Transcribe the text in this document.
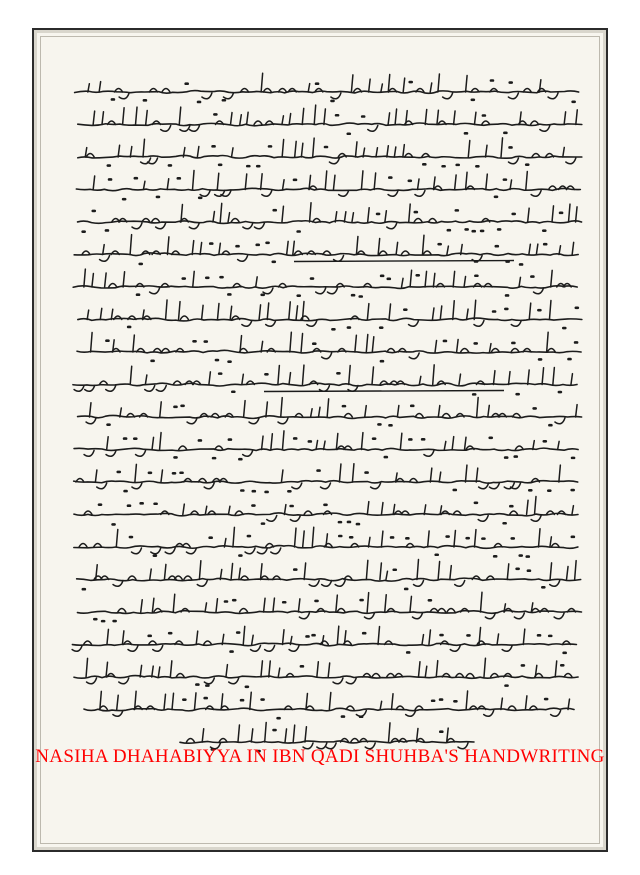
NASIHA DHAHABIYYA IN IBN QADI SHUHBA'S HANDWRITING
